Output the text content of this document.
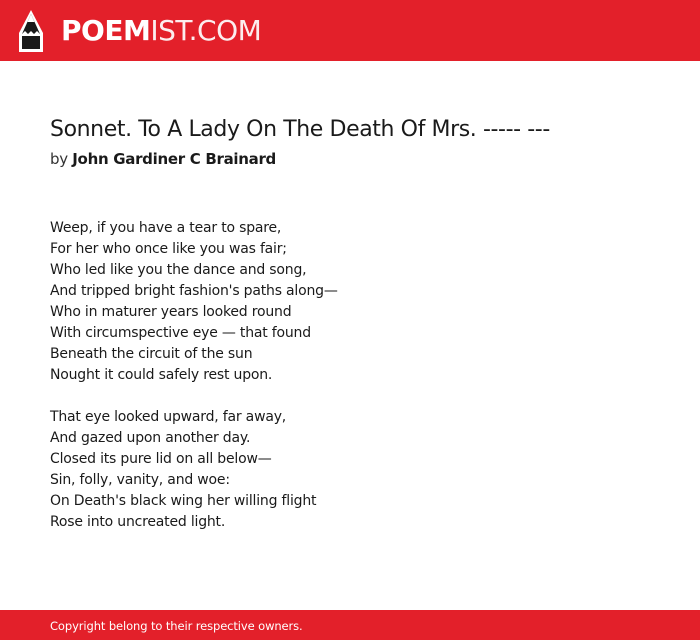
POEMIST.COM
Sonnet. To A Lady On The Death Of Mrs. ----- ---
by John Gardiner C Brainard
Weep, if you have a tear to spare,
For her who once like you was fair;
Who led like you the dance and song,
And tripped bright fashion's paths along—
Who in maturer years looked round
With circumspective eye — that found
Beneath the circuit of the sun
Nought it could safely rest upon.
That eye looked upward, far away,
And gazed upon another day.
Closed its pure lid on all below—
Sin, folly, vanity, and woe:
On Death's black wing her willing flight
Rose into uncreated light.
Copyright belong to their respective owners.
